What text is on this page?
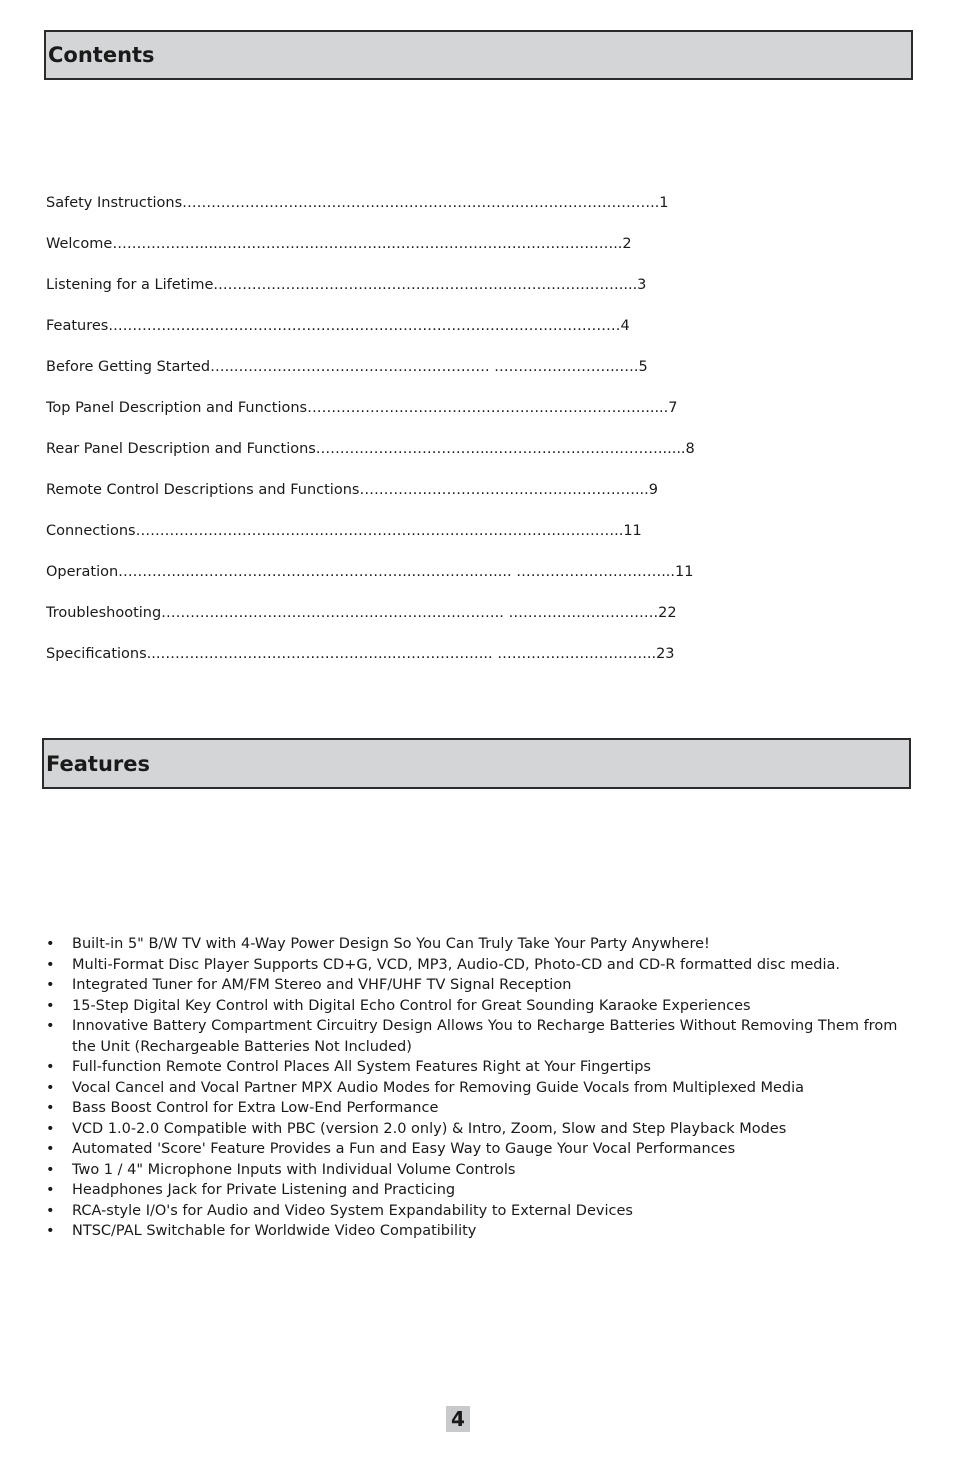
Contents
Safety Instructions………………………..…………………………………..………………………..1
Welcome……………….....……………………………..….……………………………………..2
Listening for a Lifetime.……………………………..…………………………………………....3
Features.……………………………………………………………………………………………4
Before Getting Started…...……………………………………………. ……………………..….5
Top Panel Description and Functions……………………………………………………………......7
Rear Panel Description and Functions.……………………………....……………………………......8
Remote Control Descriptions and Functions…………………………………………………...9
Connections………………………………………………………………………………………..11
Operation………….....……………………………………..…………..….... …………………………...11
Troubleshooting…………………………………………………………….. ………………………….22
Specifications...………………………………………...………………... …………………………...23
Features
• Built-in 5" B/W TV with 4-Way Power Design So You Can Truly Take Your Party Anywhere!
• Multi-Format Disc Player Supports CD+G, VCD, MP3, Audio-CD, Photo-CD and CD-R formatted disc media.
• Integrated Tuner for AM/FM Stereo and VHF/UHF TV Signal Reception
• 15-Step Digital Key Control with Digital Echo Control for Great Sounding Karaoke Experiences
• Innovative Battery Compartment Circuitry Design Allows You to Recharge Batteries Without Removing Them from the Unit (Rechargeable Batteries Not Included)
• Full-function Remote Control Places All System Features Right at Your Fingertips
• Vocal Cancel and Vocal Partner MPX Audio Modes for Removing Guide Vocals from Multiplexed Media
• Bass Boost Control for Extra Low-End Performance
• VCD 1.0-2.0 Compatible with PBC (version 2.0 only) & Intro, Zoom, Slow and Step Playback Modes
• Automated 'Score' Feature Provides a Fun and Easy Way to Gauge Your Vocal Performances
• Two 1 / 4" Microphone Inputs with Individual Volume Controls
• Headphones Jack for Private Listening and Practicing
• RCA-style I/O's for Audio and Video System Expandability to External Devices
• NTSC/PAL Switchable for Worldwide Video Compatibility
4
